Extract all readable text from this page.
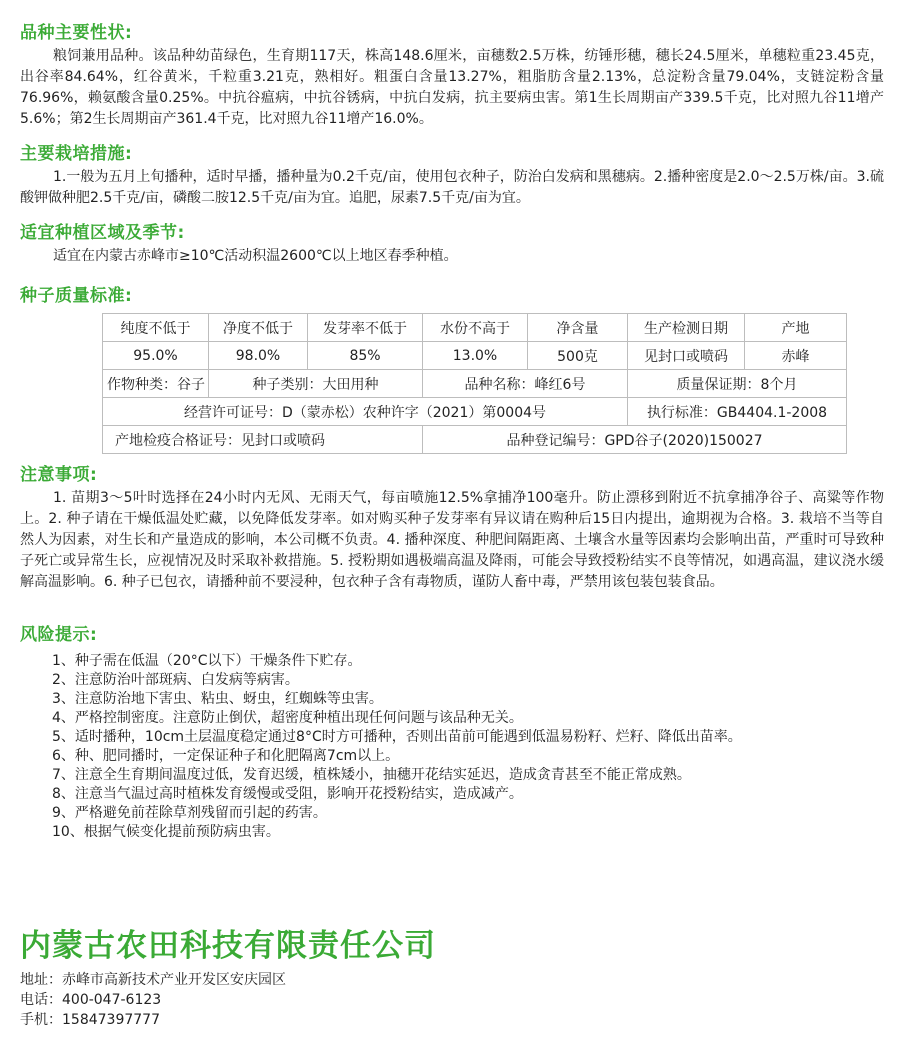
品种主要性状:
粮饲兼用品种。该品种幼苗绿色，生育期117天，株高148.6厘米，亩穗数2.5万株，纺锤形穗，穗长24.5厘米，单穗粒重23.45克，出谷率84.64%，红谷黄米，千粒重3.21克，熟相好。粗蛋白含量13.27%，粗脂肪含量2.13%，总淀粉含量79.04%，支链淀粉含量76.96%，赖氨酸含量0.25%。中抗谷瘟病，中抗谷锈病，中抗白发病，抗主要病虫害。第1生长周期亩产339.5千克，比对照九谷11增产5.6%；第2生长周期亩产361.4千克，比对照九谷11增产16.0%。
主要栽培措施:
1.一般为五月上旬播种，适时早播，播种量为0.2千克/亩，使用包衣种子，防治白发病和黑穗病。2.播种密度是2.0～2.5万株/亩。3.硫酸钾做种肥2.5千克/亩，磷酸二胺12.5千克/亩为宜。追肥，尿素7.5千克/亩为宜。
适宜种植区域及季节:
适宜在内蒙古赤峰市≥10℃活动积温2600℃以上地区春季种植。
种子质量标准:
纯度不低于	净度不低于	发芽率不低于	水份不高于	净含量	生产检测日期	产地
95.0%	98.0%	85%	13.0%	500克	见封口或喷码	赤峰
作物种类：谷子	种子类别：大田用种		品种名称：峰红6号		质量保证期：8个月	
经营许可证号：D（蒙赤松）农种许字（2021）第0004号					执行标准：GB4404.1-2008	
产地检疫合格证号：见封口或喷码			品种登记编号：GPD谷子(2020)150027			
注意事项:
1. 苗期3～5叶时选择在24小时内无风、无雨天气，每亩喷施12.5%拿捕净100毫升。防止漂移到附近不抗拿捕净谷子、高粱等作物上。2. 种子请在干燥低温处贮藏，以免降低发芽率。如对购买种子发芽率有异议请在购种后15日内提出，逾期视为合格。3. 栽培不当等自然人为因素，对生长和产量造成的影响，本公司概不负责。4. 播种深度、种肥间隔距离、土壤含水量等因素均会影响出苗，严重时可导致种子死亡或异常生长，应视情况及时采取补救措施。5. 授粉期如遇极端高温及降雨，可能会导致授粉结实不良等情况，如遇高温，建议浇水缓解高温影响。6. 种子已包衣，请播种前不要浸种，包衣种子含有毒物质，谨防人畜中毒，严禁用该包装包装食品。
风险提示:
1、种子需在低温（20°C以下）干燥条件下贮存。
2、注意防治叶部斑病、白发病等病害。
3、注意防治地下害虫、粘虫、蚜虫，红蜘蛛等虫害。
4、严格控制密度。注意防止倒伏，超密度种植出现任何问题与该品种无关。
5、适时播种，10cm土层温度稳定通过8°C时方可播种，否则出苗前可能遇到低温易粉籽、烂籽、降低出苗率。
6、种、肥同播时，一定保证种子和化肥隔离7cm以上。
7、注意全生育期间温度过低，发育迟缓，植株矮小，抽穗开花结实延迟，造成贪青甚至不能正常成熟。
8、注意当气温过高时植株发育缓慢或受阻，影响开花授粉结实，造成减产。
9、严格避免前茬除草剂残留而引起的药害。
10、根据气候变化提前预防病虫害。
内蒙古农田科技有限责任公司
地址：赤峰市高新技术产业开发区安庆园区
电话：400-047-6123
手机：15847397777
